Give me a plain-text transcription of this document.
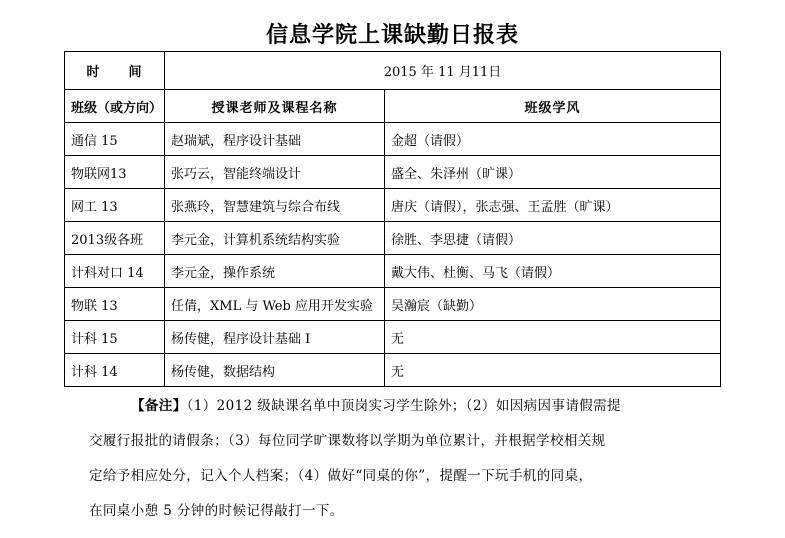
信息学院上课缺勤日报表
时　　间	2015 年 11 月11日	
班级（或方向）	授课老师及课程名称	班级学风
通信 15	赵瑞斌，程序设计基础	金超（请假）
物联网13	张巧云，智能终端设计	盛全、朱泽州（旷课）
网工 13	张燕玲，智慧建筑与综合布线	唐庆（请假），张志强、王孟胜（旷课）
2013级各班	李元金，计算机系统结构实验	徐胜、李思捷（请假）
计科对口 14	李元金，操作系统	戴大伟、杜衡、马飞（请假）
物联 13	任倩，XML 与 Web 应用开发实验	吴瀚宸（缺勤）
计科 15	杨传健，程序设计基础 I	无
计科 14	杨传健，数据结构	无

【备注】（1）2012 级缺课名单中顶岗实习学生除外；（2）如因病因事请假需提

交履行报批的请假条；（3）每位同学旷课数将以学期为单位累计，并根据学校相关规

定给予相应处分，记入个人档案；（4）做好“同桌的你”，提醒一下玩手机的同桌，

在同桌小憩 5 分钟的时候记得敲打一下。
